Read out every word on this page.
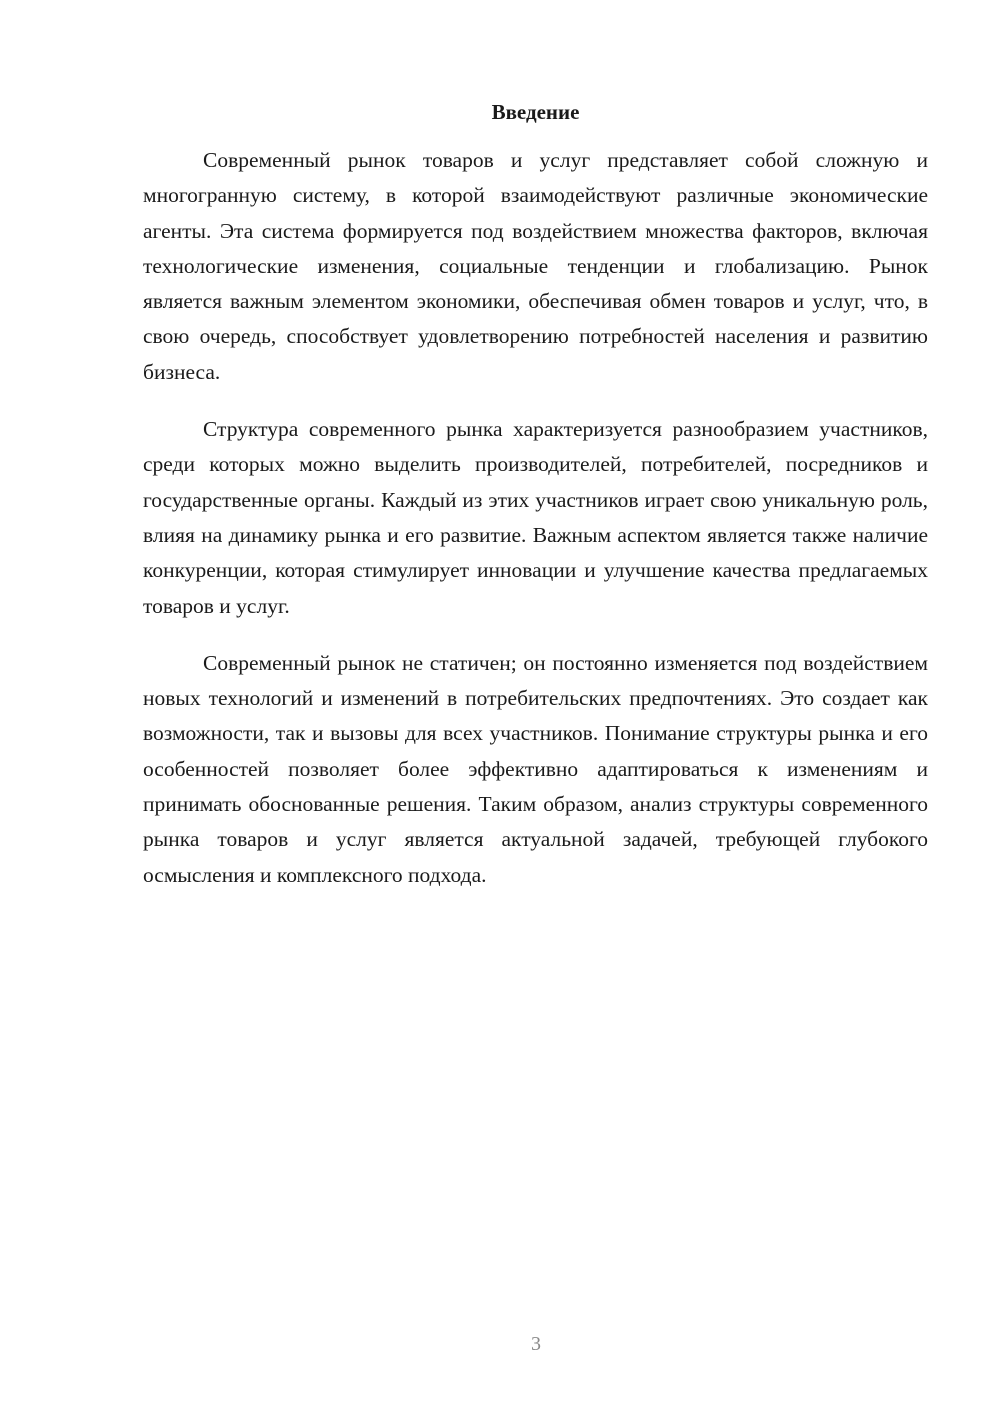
Введение

Современный рынок товаров и услуг представляет собой сложную и многогранную систему, в которой взаимодействуют различные экономические агенты. Эта система формируется под воздействием множества факторов, включая технологические изменения, социальные тенденции и глобализацию. Рынок является важным элементом экономики, обеспечивая обмен товаров и услуг, что, в свою очередь, способствует удовлетворению потребностей населения и развитию бизнеса.

Структура современного рынка характеризуется разнообразием участников, среди которых можно выделить производителей, потребителей, посредников и государственные органы. Каждый из этих участников играет свою уникальную роль, влияя на динамику рынка и его развитие. Важным аспектом является также наличие конкуренции, которая стимулирует инновации и улучшение качества предлагаемых товаров и услуг.

Современный рынок не статичен; он постоянно изменяется под воздействием новых технологий и изменений в потребительских предпочтениях. Это создает как возможности, так и вызовы для всех участников. Понимание структуры рынка и его особенностей позволяет более эффективно адаптироваться к изменениям и принимать обоснованные решения. Таким образом, анализ структуры современного рынка товаров и услуг является актуальной задачей, требующей глубокого осмысления и комплексного подхода.

3
